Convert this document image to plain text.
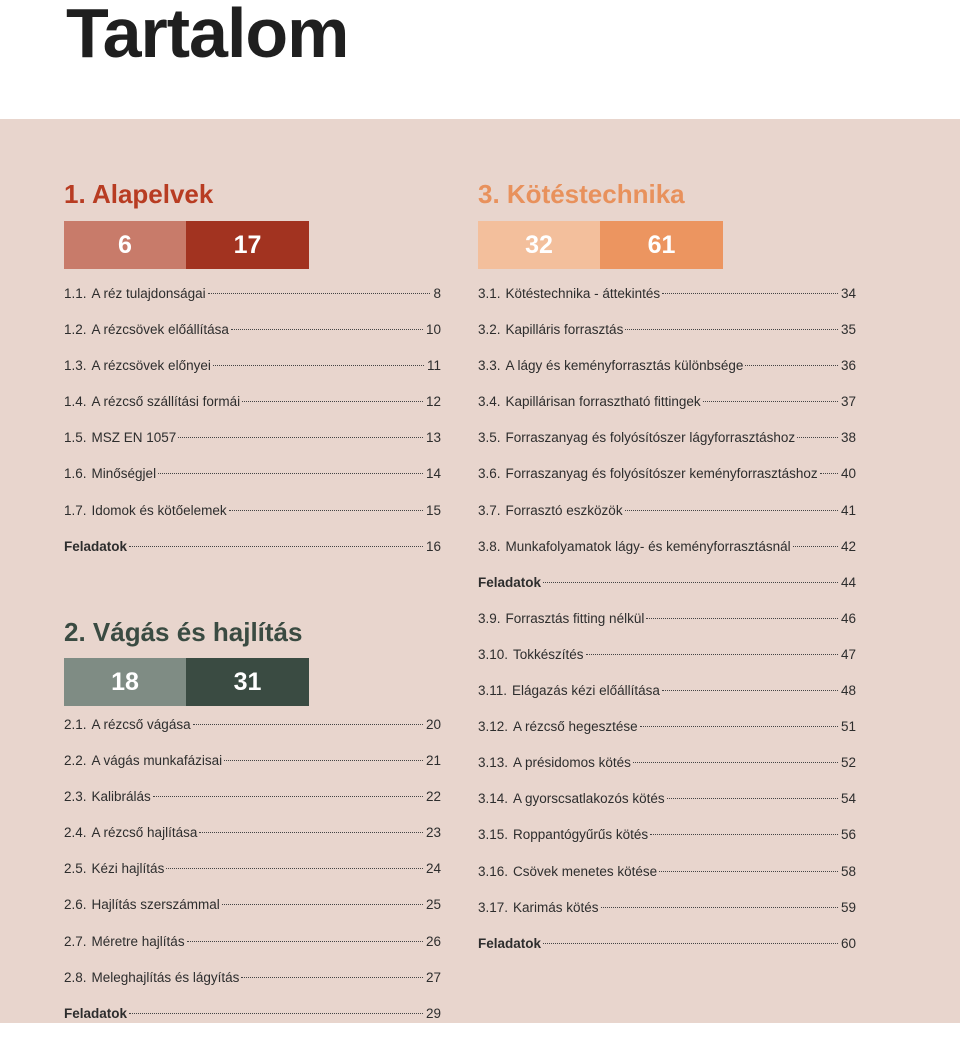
Tartalom
1. Alapelvek
6	17
1.1. A réz tulajdonságai	8
1.2. A rézcsövek előállítása	10
1.3. A rézcsövek előnyei	11
1.4. A rézcső szállítási formái	12
1.5. MSZ EN 1057	13
1.6. Minőségjel	14
1.7. Idomok és kötőelemek	15
Feladatok	16
2. Vágás és hajlítás
18	31
2.1. A rézcső vágása	20
2.2. A vágás munkafázisai	21
2.3. Kalibrálás	22
2.4. A rézcső hajlítása	23
2.5. Kézi hajlítás	24
2.6. Hajlítás szerszámmal	25
2.7. Méretre hajlítás	26
2.8. Meleghajlítás és lágyítás	27
Feladatok	29
3. Kötéstechnika
32	61
3.1. Kötéstechnika - áttekintés	34
3.2. Kapilláris forrasztás	35
3.3. A lágy és keményforrasztás különbsége	36
3.4. Kapillárisan forrasztható fittingek	37
3.5. Forraszanyag és folyósítószer lágyforrasztáshoz	38
3.6. Forraszanyag és folyósítószer keményforrasztáshoz 40
3.7. Forrasztó eszközök	41
3.8. Munkafolyamatok lágy- és keményforrasztásnál	42
Feladatok	44
3.9. Forrasztás fitting nélkül	46
3.10. Tokkészítés	47
3.11. Elágazás kézi előállítása	48
3.12. A rézcső hegesztése	51
3.13. A présidomos kötés	52
3.14. A gyorscsatlakozós kötés	54
3.15. Roppantógyűrűs kötés	56
3.16. Csövek menetes kötése	58
3.17. Karimás kötés	59
Feladatok	60
